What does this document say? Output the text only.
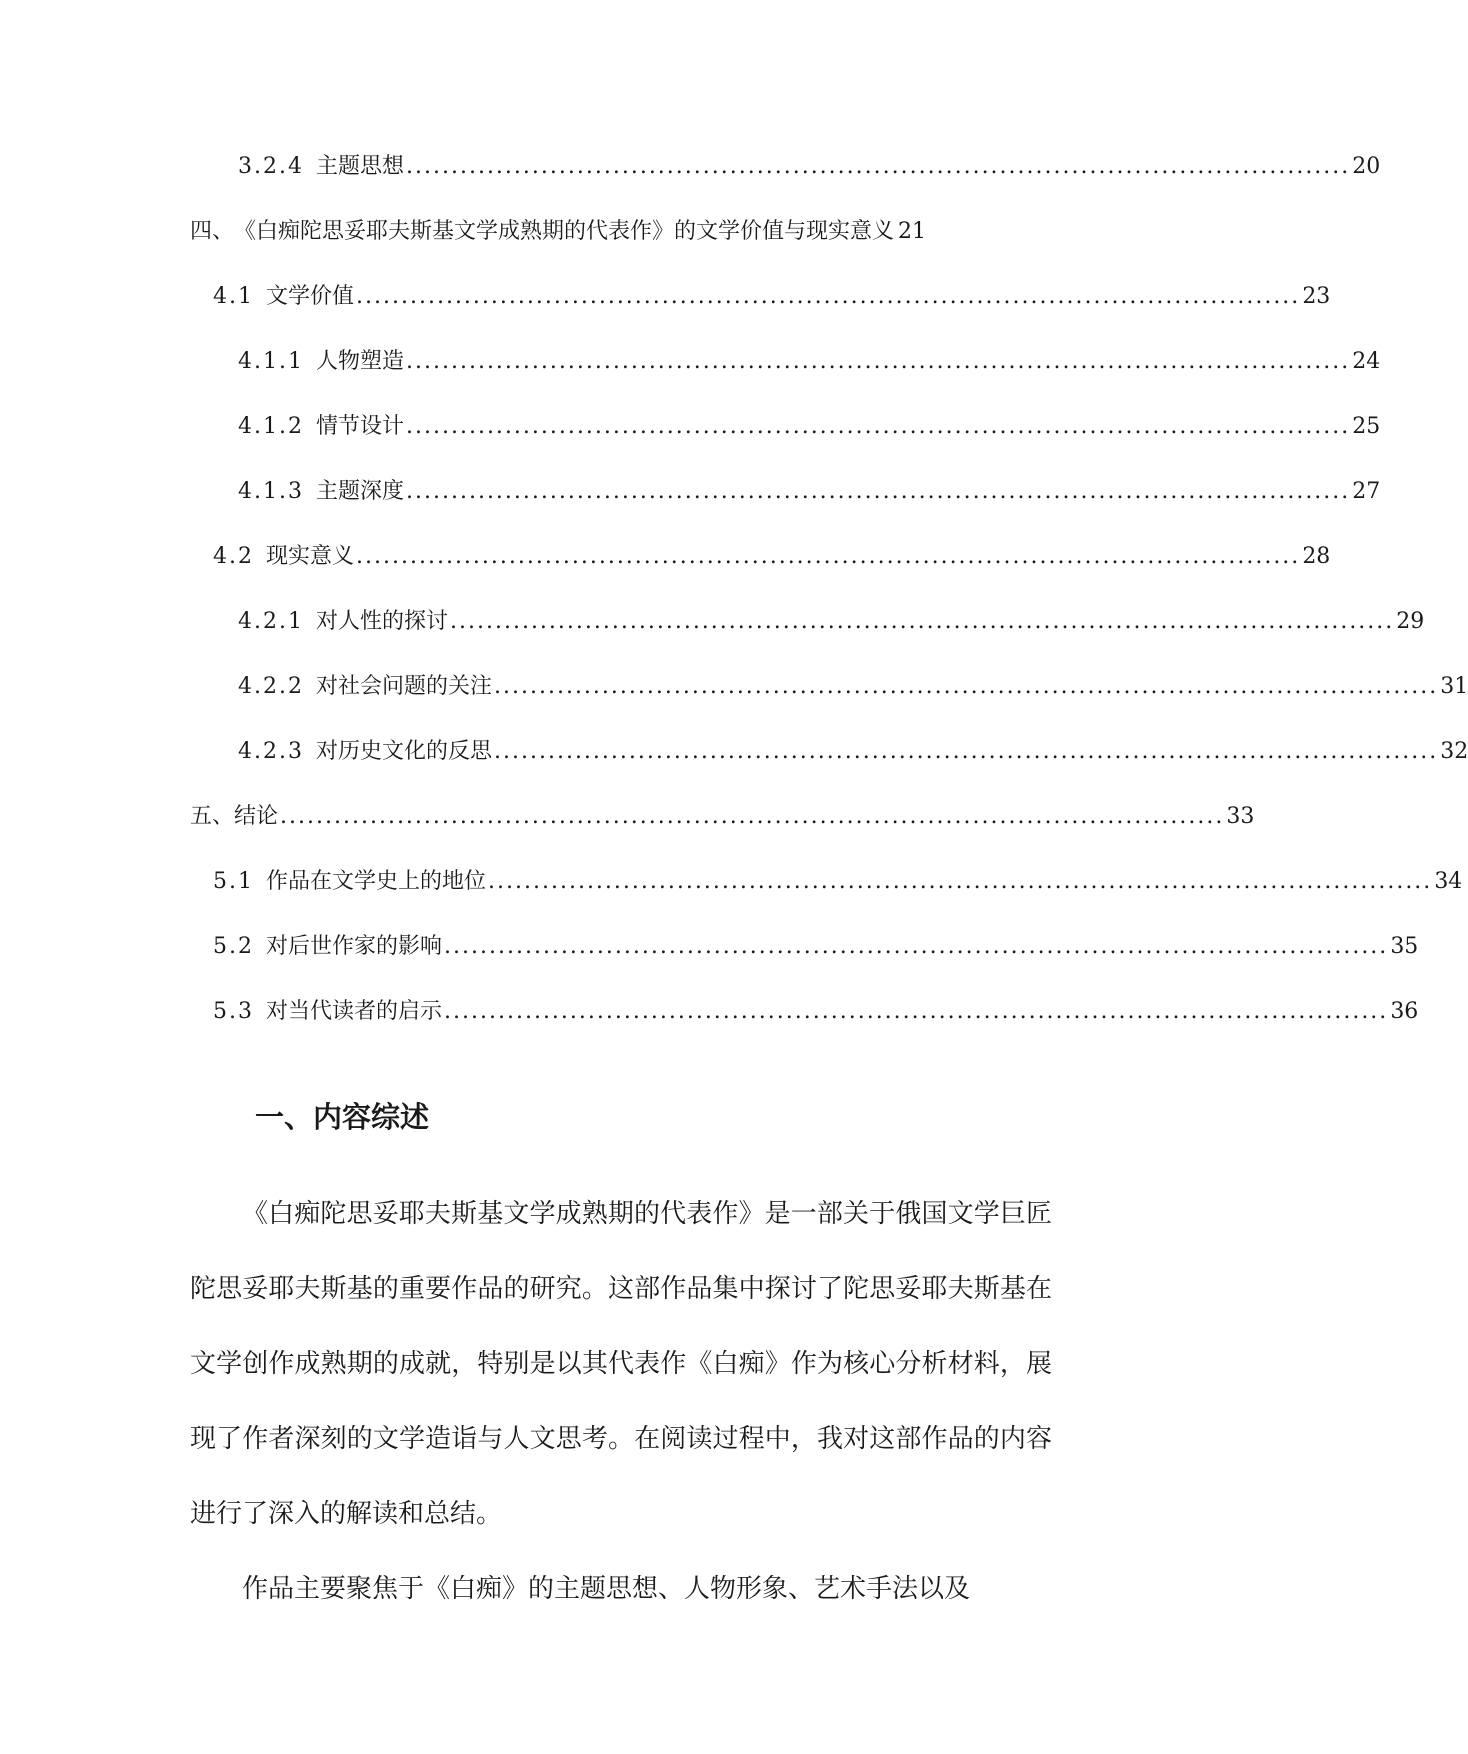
3.2.4 主题思想 ......................................................................................................... 20
四、 《白痴陀思妥耶夫斯基文学成熟期的代表作》的文学价值与现实意义 21
4.1 文学价值 ......................................................................................................... 23
4.1.1 人物塑造 ......................................................................................................... 24
4.1.2 情节设计 ......................................................................................................... 25
4.1.3 主题深度 ......................................................................................................... 27
4.2 现实意义 ......................................................................................................... 28
4.2.1 对人性的探讨 ......................................................................................................... 29
4.2.2 对社会问题的关注 ......................................................................................................... 31
4.2.3 对历史文化的反思 ......................................................................................................... 32
五、 结论 ......................................................................................................... 33
5.1 作品在文学史上的地位 ......................................................................................................... 34
5.2 对后世作家的影响 ......................................................................................................... 35
5.3 对当代读者的启示 ......................................................................................................... 36
一、内容综述

《白痴陀思妥耶夫斯基文学成熟期的代表作》是一部关于俄国文学巨匠陀思妥耶夫斯基的重要作品的研究。这部作品集中探讨了陀思妥耶夫斯基在文学创作成熟期的成就，特别是以其代表作《白痴》作为核心分析材料，展现了作者深刻的文学造诣与人文思考。在阅读过程中，我对这部作品的内容进行了深入的解读和总结。

作品主要聚焦于《白痴》的主题思想、人物形象、艺术手法以及
